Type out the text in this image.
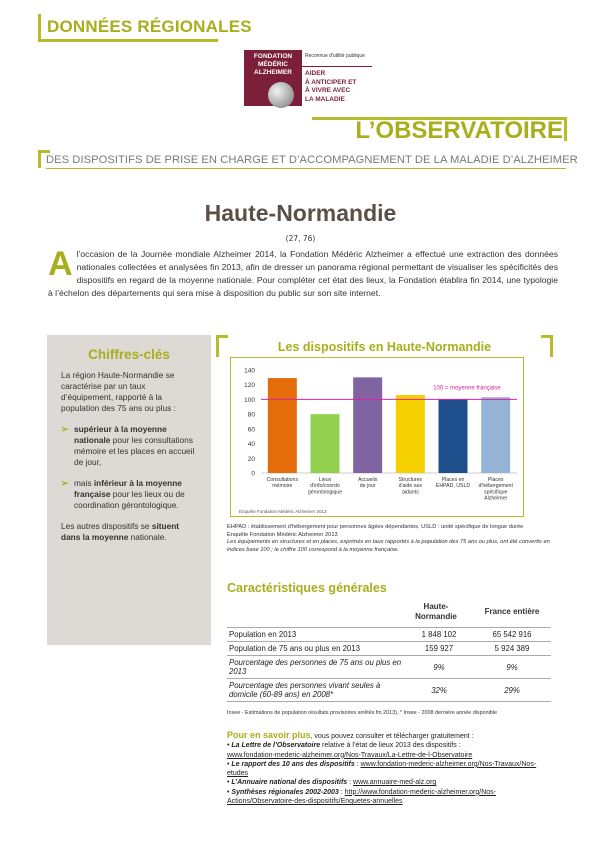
DONNÉES RÉGIONALES
FONDATION
MÉDÉRIC
ALZHEIMER
Reconnue d'utilité publique
AIDER
À ANTICIPER ET
À VIVRE AVEC
LA MALADIE
L’OBSERVATOIRE
DES DISPOSITIFS DE PRISE EN CHARGE ET D’ACCOMPAGNEMENT DE LA MALADIE D’ALZHEIMER
Haute-Normandie
(27, 76)
Al’occasion de la Journée mondiale Alzheimer 2014, la Fondation Médéric Alzheimer a effectué une extraction des données nationales collectées et analysées fin 2013, afin de dresser un panorama régional permettant de visualiser les spécificités des dispositifs en regard de la moyenne nationale. Pour compléter cet état des lieux, la Fondation établira fin 2014, une typologie à l’échelon des départements qui sera mise à disposition du public sur son site internet.
Chiffres-clés

La région Haute-Normandie se caractérise par un taux d’équipement, rapporté à la population des 75 ans ou plus :

➢ supérieur à la moyenne nationale pour les consultations mémoire et les places en accueil de jour,
➢ mais inférieur à la moyenne française pour les lieux ou de coordination gérontologique.

Les autres dispositifs se situent dans la moyenne nationale.

Les dispositifs en Haute-Normandie
0
20
40
60
80
100
120
140
Consultations
mémoire
Lieux
d'info/coordo
gérontologique
Accueils
de jour
Structures
d'aide aux
aidants
Places en
EHPAD, USLD
Places
d'hébergement
spécifique
Alzheimer
100 = moyenne française
Enquête Fondation Médéric Alzheimer 2013
EHPAD : établissement d'hébergement pour personnes âgées dépendantes, USLD : unité spécifique de longue durée
Enquête Fondation Médéric Alzheimer 2013
Les équipements en structures et en places, exprimés en taux rapportés à la population des 75 ans ou plus, ont été convertis en indices base 100 ; le chiffre 100 correspond à la moyenne française.
Caractéristiques générales
Haute-Normandie
France entière
Population en 2013	1 848 102	65 542 916
Population de 75 ans ou plus en 2013	159 927	5 924 389
Pourcentage des personnes de 75 ans ou plus en 2013	9%	9%
Pourcentage des personnes vivant seules à domicile (60-89 ans) en 2008*	32%	29%
Insee - Estimations de population résultats provisoires arrêtés fin 2013), * Insee - 2008 dernière année disponible
Pour en savoir plus, vous pouvez consulter et télécharger gratuitement :
• La Lettre de l’Observatoire relative à l’état de lieux 2013 des dispositifs :
www.fondation-mederic-alzheimer.org/Nos-Travaux/La-Lettre-de-l-Observatoire
• Le rapport des 10 ans des dispositifs : www.fondation-mederic-alzheimer.org/Nos-Travaux/Nos-etudes
• L’Annuaire national des dispositifs : www.annuaire-med-alz.org
• Synthèses régionales 2002-2003 : http://www.fondation-mederic-alzheimer.org/Nos-Actions/Observatoire-des-dispositifs/Enquetes-annuelles
